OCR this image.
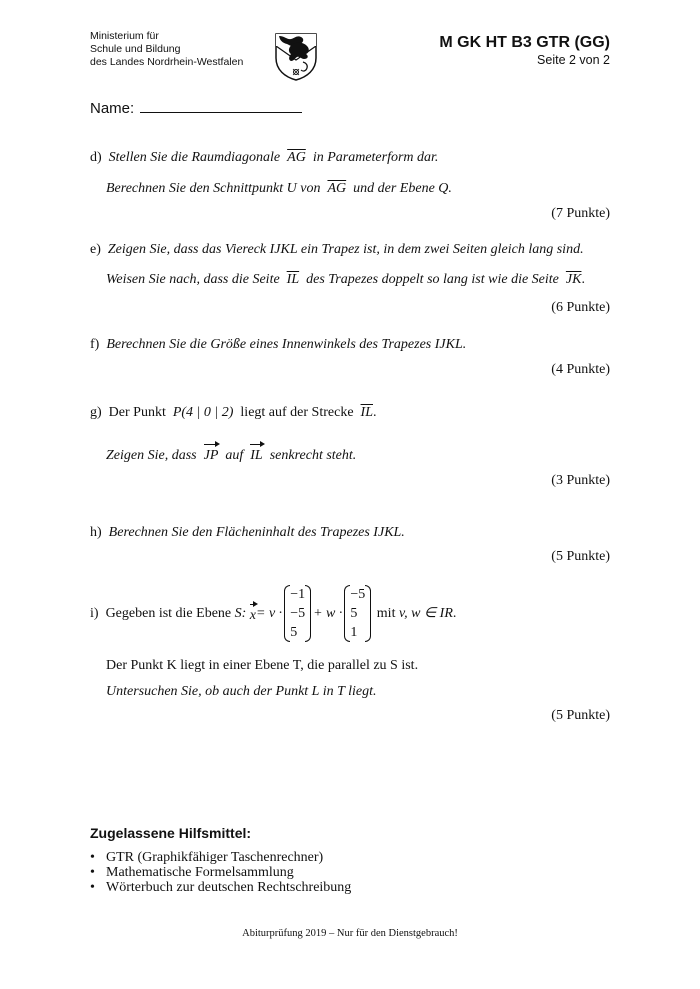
Ministerium für
Schule und Bildung
des Landes Nordrhein-Westfalen
M GK HT B3 GTR (GG)
Seite 2 von 2
Name:
d) Stellen Sie die Raumdiagonale $\overline{AG}$ in Parameterform dar.
Berechnen Sie den Schnittpunkt U von $\overline{AG}$ und der Ebene Q.
(7 Punkte)
e) Zeigen Sie, dass das Viereck IJKL ein Trapez ist, in dem zwei Seiten gleich lang sind.
Weisen Sie nach, dass die Seite $\overline{IL}$ des Trapezes doppelt so lang ist wie die Seite $\overline{JK}$.
(6 Punkte)
f) Berechnen Sie die Größe eines Innenwinkels des Trapezes IJKL.
(4 Punkte)
g) Der Punkt P(4 | 0 | 2) liegt auf der Strecke $\overline{IL}$.
Zeigen Sie, dass JP auf IL senkrecht steht.
(3 Punkte)
h) Berechnen Sie den Flächeninhalt des Trapezes IJKL.
(5 Punkte)
i)
Gegeben ist die Ebene
S:
x = v ·
−1
−5
5
+ w ·
−5
5
1

mit
v, w ∈ IR .
Der Punkt K liegt in einer Ebene T, die parallel zu S ist.
Untersuchen Sie, ob auch der Punkt L in T liegt.
(5 Punkte)
Zugelassene Hilfsmittel:
• GTR (Graphikfähiger Taschenrechner)
• Mathematische Formelsammlung
• Wörterbuch zur deutschen Rechtschreibung
Abiturprüfung 2019 – Nur für den Dienstgebrauch!
